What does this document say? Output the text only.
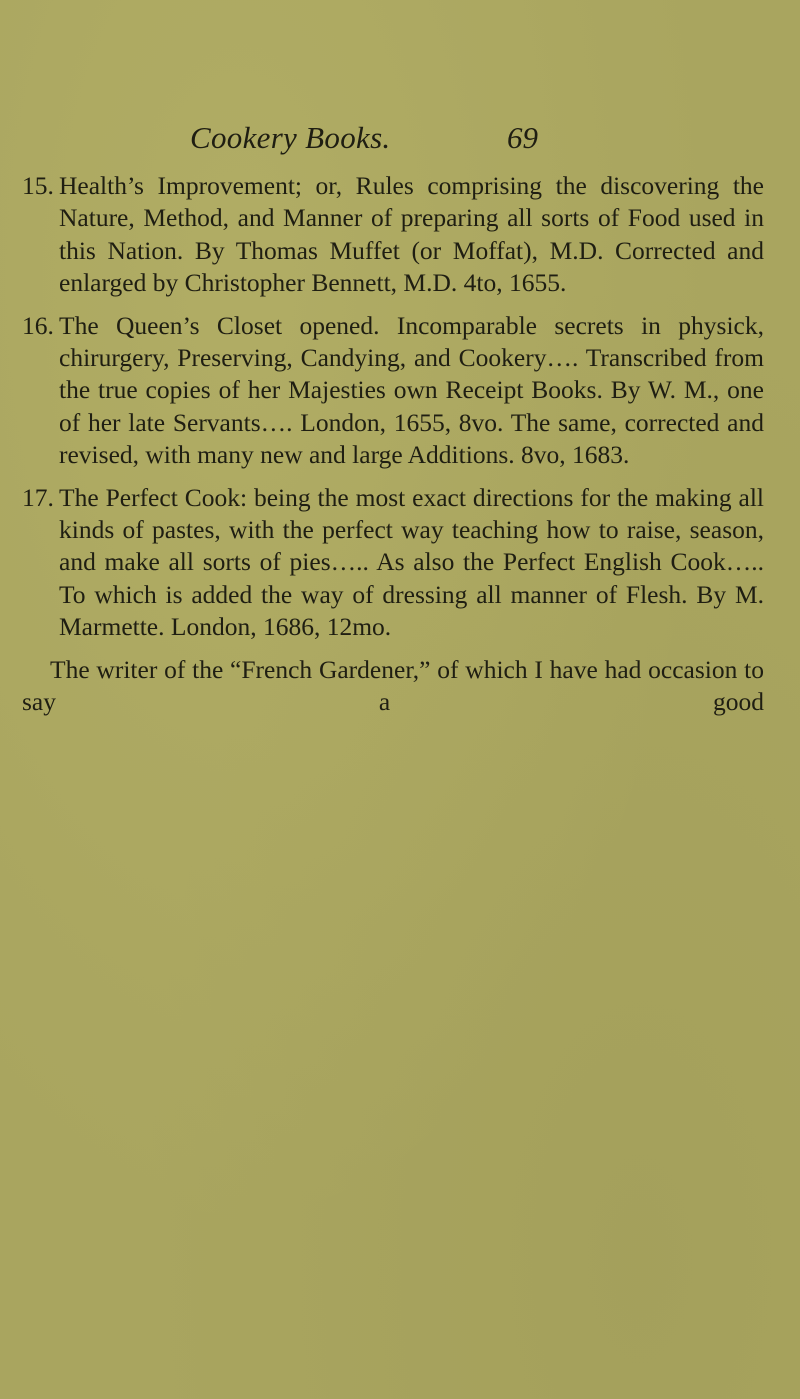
Cookery Books.	69
15. Health’s Improvement; or, Rules comprising the discovering the Nature, Method, and Manner of preparing all sorts of Food used in this Nation. By Thomas Muffet (or Moffat), M.D. Corrected and enlarged by Christopher Bennett, M.D. 4to, 1655.
16. The Queen’s Closet opened. Incomparable secrets in physick, chirurgery, Preserving, Candying, and Cookery…. Transcribed from the true copies of her Majesties own Receipt Books. By W. M., one of her late Servants…. London, 1655, 8vo. The same, corrected and revised, with many new and large Additions. 8vo, 1683.
17. The Perfect Cook: being the most exact directions for the making all kinds of pastes, with the perfect way teaching how to raise, season, and make all sorts of pies….. As also the Perfect English Cook….. To which is added the way of dressing all manner of Flesh. By M. Marmette. London, 1686, 12mo.

The writer of the “French Gardener,” of which I have had occasion to say a good
